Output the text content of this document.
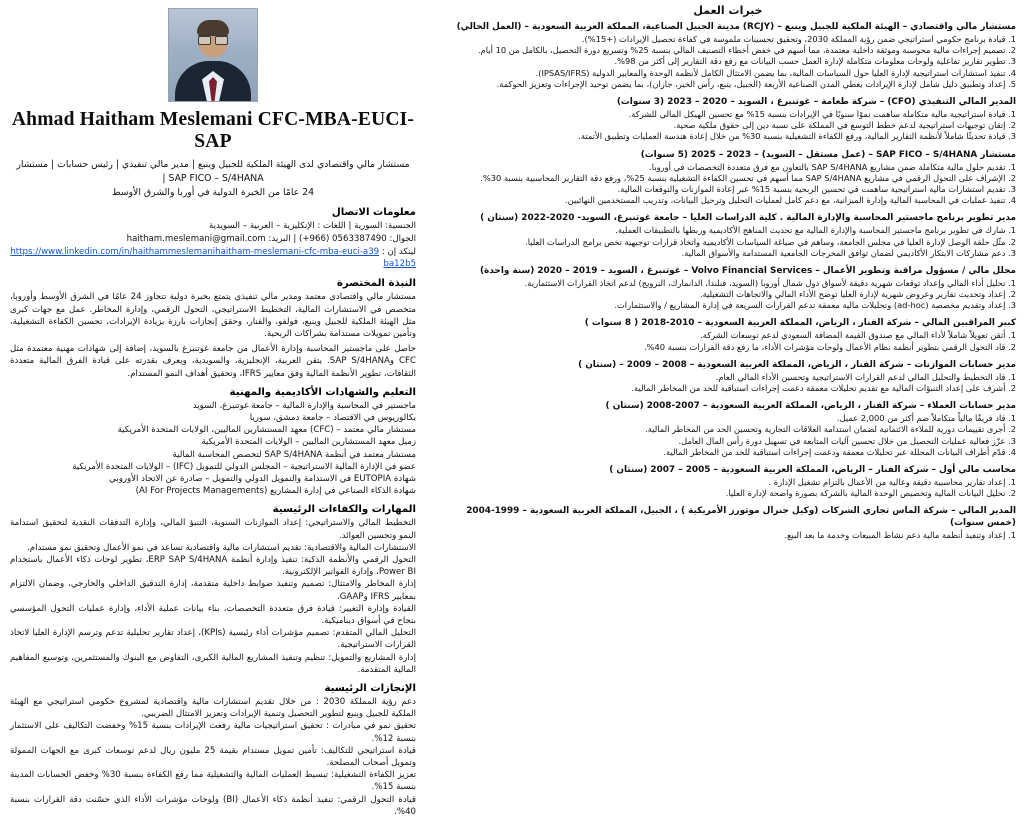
Ahmad Haitham Meslemani CFC-MBA-EUCI-SAP
مستشار مالي واقتصادي لدى الهيئة الملكية للجبيل وينبع | مدير مالي تنفيذي | رئيس حسابات | مستشار SAP FICO – S/4HANA |
24 عامًا من الخبرة الدولية في أوربا والشرق الأوسط
معلومات الاتصال
الجنسية: السورية | اللغات : الإنكليزية – العربية – السويدية
الجوال: 0563387490 (966+) | البريد: haitham.meslemani@gmail.com
لينكد إن : https://www.linkedin.com/in/haithammeslemanihaitham-meslemani-cfc-mba-euci-a39ba12b5
النبذة المختصرة
مستشار مالي واقتصادي معتمد ومدير مالي تنفيذي يتمتع بخبرة دولية تتجاوز 24 عامًا في الشرق الأوسط وأوروبا، متخصص في الاستشارات المالية، التخطيط الاستراتيجي، التحول الرقمي، وإدارة المخاطر. عمل مع جهات كبرى مثل الهيئة الملكية للجبيل وينبع، فولفو، والفنار، وحقق إنجازات بارزة بزيادة الإيرادات، تحسين الكفاءة التشغيلية، وتأمين تمويلات مستدامة بشراكات الربحية.
حاصل على ماجستير المحاسبة وإدارة الأعمال من جامعة غوتنبرغ بالسويد، إضافة إلى شهادات مهنية معتمدة مثل CFC وSAP S/4HANA. يتقن العربية، الإنجليزية، والسويدية، ويعرف بقدرته على قيادة الفرق المالية متعددة الثقافات، تطوير الأنظمة المالية وفق معايير IFRS، وتحقيق أهداف النمو المستدام.
التعليم والشهادات الأكاديمية والمهنية
ماجستير في المحاسبة والإدارة المالية – جامعة غوتنبرغ، السويد
بكالوريوس في الاقتصاد – جامعة دمشق، سوريا
مستشار مالي معتمد – (CFC) معهد المستشارين الماليين، الولايات المتحدة الأمريكية
زميل معهد المستشارين الماليين – الولايات المتحدة الأمريكية
مستشار معتمد في أنظمة SAP S/4HANA لتخصص المحاسبة المالية
عضو في الإدارة المالية الاستراتيجية – المجلس الدولي للتمويل (IFC) – الولايات المتحدة الأمريكية
شهادة EUTOPIA في الاستدامة والتمويل الدولي والتمويل – صادرة عن الاتحاد الأوروبي
شهادة الذكاء الصناعي في إدارة المشاريع (AI For Projects Managements)
المهارات والكفاءات الرئيسية
التخطيط المالي والاستراتيجي: إعداد الموازنات السنوية، التنبؤ المالي، وإدارة التدفقات النقدية لتحقيق استدامة النمو وتحسين العوائد.
الاستشارات المالية والاقتصادية: تقديم استشارات مالية واقتصادية تساعد في نمو الأعمال وتحقيق نمو مستدام.
التحول الرقمي والأنظمة الذكية: تنفيذ وإدارة أنظمة ERP SAP S/4HANA، تطوير لوحات ذكاء الأعمال باستخدام Power BI، وإدارة الفواتير الإلكترونية.
إدارة المخاطر والامتثال: تصميم وتنفيذ ضوابط داخلية متقدمة، إدارة التدقيق الداخلي والخارجي، وضمان الالتزام بمعايير IFRS وGAAP.
القيادة وإدارة التغيير: قيادة فرق متعددة التخصصات، بناء بيانات عملية الأداء، وإدارة عمليات التحول المؤسسي بنجاح في أسواق ديناميكية.
التحليل المالي المتقدم: تصميم مؤشرات أداء رئيسية (KPIs)، إعداد تقارير تحليلية تدعم وترسم الإدارة العليا لاتخاذ القرارات الاستراتيجية.
إدارة المشاريع والتمويل: تنظيم وتنفيذ المشاريع المالية الكبرى، التفاوض مع البنوك والمستثمرين، وتوسيع المفاهيم المالية المتقدمة.
الإنجازات الرئيسية
دعم رؤية المملكة 2030 : من خلال تقديم استشارات مالية واقتصادية لمشروع حكومي استراتيجي مع الهيئة الملكية للجبيل وينبع لتطوير التحصيل وتنمية الإيرادات وتعزيز الامتثال الضريبي.
تحقيق نمو في مبادرات : تحقيق استراتيجيات مالية رفعت الإيرادات بنسبة 15% وخفضت التكاليف على الاستثمار بنسبة 12%.
قيادة استراتيجي للتكاليف: تأمين تمويل مستدام بقيمة 25 مليون ريال لدعم توسعات كبرى مع الجهات الممولة وتمويل أصحاب المصلحة.
تعزيز الكفاءة التشغيلية: تبسيط العمليات المالية والتشغيلية مما رفع الكفاءة بنسبة 30% وخفض الحسابات المدينة بنسبة 15%.
قيادة التحول الرقمي: تنفيذ أنظمة ذكاء الأعمال (BI) ولوحات مؤشرات الأداء الذي حسّنت دقة القرارات بنسبة 40%.
خبرات العمل
مستشار مالي واقتصادي – الهيئة الملكية للجبيل وينبع – (RCJY) مدينة الجبيل الصناعية، المملكة العربية السعودية – (العمل الحالي)
1. قيادة برنامج حكومي استراتيجي ضمن رؤية المملكة 2030، وتحقيق تحسينات ملموسة في كفاءة تحصيل الإيرادات (+15%).
2. تصميم إجراءات مالية محوسبة وموثقة داخلية معتمدة، مما أسهم في خفض أخطاء التصنيف المالي بنسبة 25% وتسريع دورة التحصيل، بالكامل من 10 أيام.
3. تطوير تقارير تفاعلية ولوحات معلومات متكاملة لإدارة العمل حسب البيانات مع رفع دقة التقارير إلى أكثر من 98%.
4. تنفيذ استشارات استراتيجية لإدارة العليا حول السياسات المالية، بما يضمن الامتثال الكامل لأنظمة الوحدة والمعايير الدولية (IPSAS/IFRS).
5. إعداد وتطبيق دليل شامل لإدارة الإيرادات يغطي المدن الصناعية الأربعة (الجبيل، ينبع، رأس الخير، جازان)، بما يضمن توحيد الإجراءات وتعزيز الحوكمة.
المدير المالي التنفيذي (CFO) – شركة طعامة – غوتنبرغ ، السويد – 2020 – 2023 (3 سنوات)
1. قيادة استراتيجية مالية متكاملة ساهمت نموًا سنويًا في الإيرادات بنسبة 15% مع تحسين الهيكل المالي للشركة.
2. إتقان توجيهات استراتيجية لدعم خطط التوسع في المملكة على نسبة دين إلى حقوق ملكية صحية.
3. قيادة تحديثًا شاملاً لأنظمة التقارير المالية، ورفع الكفاءة التشغيلية بنسبة 30% من خلال إعادة هندسة العمليات وتطبيق الأتمتة.
مستشار SAP FICO – S/4HANA – (عمل مستقل – السويد) – 2023 – 2025 (5 سنوات)
1. تقديم حلول مالية متكاملة ضمن مشاريع SAP S/4HANA بالتعاون مع فرق متعددة التخصصات في أوروبا.
2. الإشراف على التحول الرقمي في مشاريع SAP S/4HANA مما أسهم في تحسين الكفاءة التشغيلية بنسبة 25%، ورفع دقة التقارير المحاسبية بنسبة 30%.
3. تقديم استشارات مالية استراتيجية ساهمت في تحسين الربحية بنسبة 15% عبر إعادة الموازنات والتوقعات المالية.
4. تنفيذ عمليات في المحاسبة المالية وإدارة الميزانية، مع دعم كامل لعمليات التحليل وترحيل البيانات، وتدريب المستخدمين النهائيين.
مدير تطوير برنامج ماجستير المحاسبة والإدارة المالية . كلية الدراسات العليا – جامعة غوتنبرغ، السويد- 2020-2022 (سنتان )
1. شارك في تطوير برنامج ماجستير المحاسبة والإدارة المالية مع تحديث المناهج الأكاديمية وربطها بالتطبيقات العملية.
2. مثّل حلقة الوصل لإدارة العليا في مجلس الجامعة، وساهم في صياغة السياسات الأكاديمية واتخاذ قرارات توجيهية تخص برامج الدراسات العليا.
3. دعم مشاركات الابتكار الأكاديمي لضمان توافق المخرجات الجامعية المستدامة والأسواق المالية.
محلل مالي / مسؤول مراقبة وتطوير الأعمال – Volvo Financial Services – غوتنبرغ ، السويد – 2019 – 2020 (سنة واحدة)
1. تحليل أداء المالي وإعداد توقعات شهرية دقيقة لأسواق دول شمال أوروبا (السويد، فنلندا، الدانمارك، النرويج) لدعم اتخاذ القرارات الاستثمارية.
2. إعداد وتحديث تقارير وعروض شهرية لإدارة العليا توضح الأداء المالي والاتجاهات التشغيلية.
3. إعداد وتقديم مخصصة (ad-hoc) وتحليلات مالية معمقة تدعم القرارات السريعة في إدارة المشاريع / والاستثمارات.
كبير المراقبين المالي – شركة الفنار ، الرياض، المملكة العربية السعودية – 2010-2018 ( 8 سنوات )
1. أتقن تعويلاً شاملاً لأداء المالي مع صندوق القيمة المضافة السعودي لدعم توسعات الشركة.
2. قاد التحول الرقمي بتطوير أنظمة نظام الأعمال ولوحات مؤشرات الأداء، ما رفع دقة القرارات بنسبة 40%.
مدير حسابات الموازنات – شركة الفنار ، الرياض، المملكة العربية السعودية – 2008 – 2009 – (سنتان )
1. قاد التخطيط والتحليل المالي لدعم القرارات الاستراتيجية وتحسين الأداء المالي العام.
2. أشرف على إعداد التنبؤات المالية مع تقديم تحليلات معمقة دعمت إجراءات استباقية للحد من المخاطر المالية.
مدير حسابات العملاء – شركة الفنار ، الرياض، المملكة العربية السعودية – 2007-2008 (سنتان )
1. قاد فريقًا مالياً متكاملاً ضم أكثر من 2,000 عميل.
2. أجرى تقييمات دورية للملاءة الائتمانية لضمان استدامة العلاقات التجارية وتحسين الحد من المخاطر المالية.
3. عزّز فعالية عمليات التحصيل من خلال تحسين آليات المتابعة في تسهيل دورة رأس المال العامل.
4. قدّم أطراف البيانات المحللة عبر تحليلات معمقة ودعمت إجراءات استباقية للحد من المخاطر المالية.
محاسب مالي أول – شركة الفنار – الرياض، المملكة العربية السعودية – 2005 – 2007 (سنتان )
1. إعداد تقارير محاسبية دقيقة وعالية من الأعمال بالتزام تشغيل الإدارة .
2. تحليل البيانات المالية وتخصيص الوحدة المالية بالشركة بصورة واضحة لإدارة العليا.
المدير المالي – شركة الماس تجاري الشركات (وكيل جنرال موتورز الأمريكية ) ، الجبيل، المملكة العربية السعودية – 1999-2004 (خمس سنوات)
1. إعداد وتنفيذ أنظمة مالية دعم نشاط المبيعات وخدمة ما بعد البيع.
